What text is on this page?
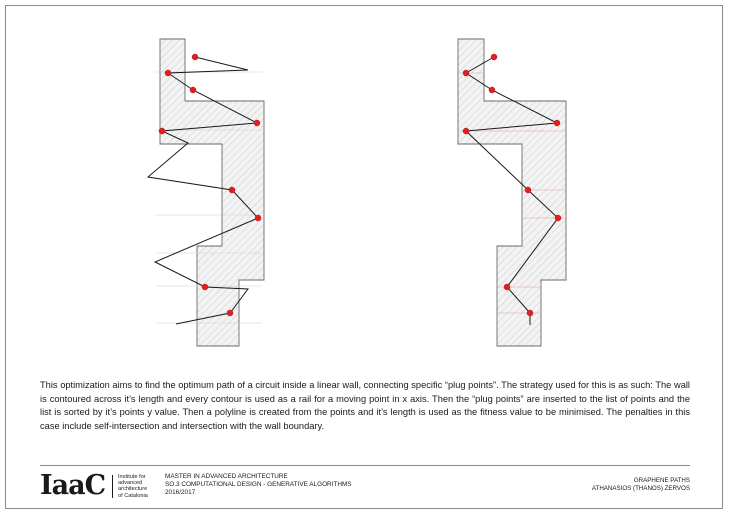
This optimization aims to find the optimum path of a circuit inside a linear wall, connecting specific “plug points”. The strategy used for this is as such: The wall is contoured across it’s length and every contour is used as a rail for a moving point in x axis. Then the “plug points” are inserted to the list of points and the list is sorted by it’s points y value. Then a polyline is created from the points and it’s length is used as the fitness value to be minimised. The penalties in this case include self-intersection and intersection with the wall boundary.
IaaC Institute for
advanced
architecture
of Catalonia
MASTER IN ADVANCED ARCHITECTURE
SO.3 COMPUTATIONAL DESIGN - GENERATIVE ALGORITHMS
2016/2017
GRAPHENE PATHS
ATHANASIOS (THANOS) ZERVOS
